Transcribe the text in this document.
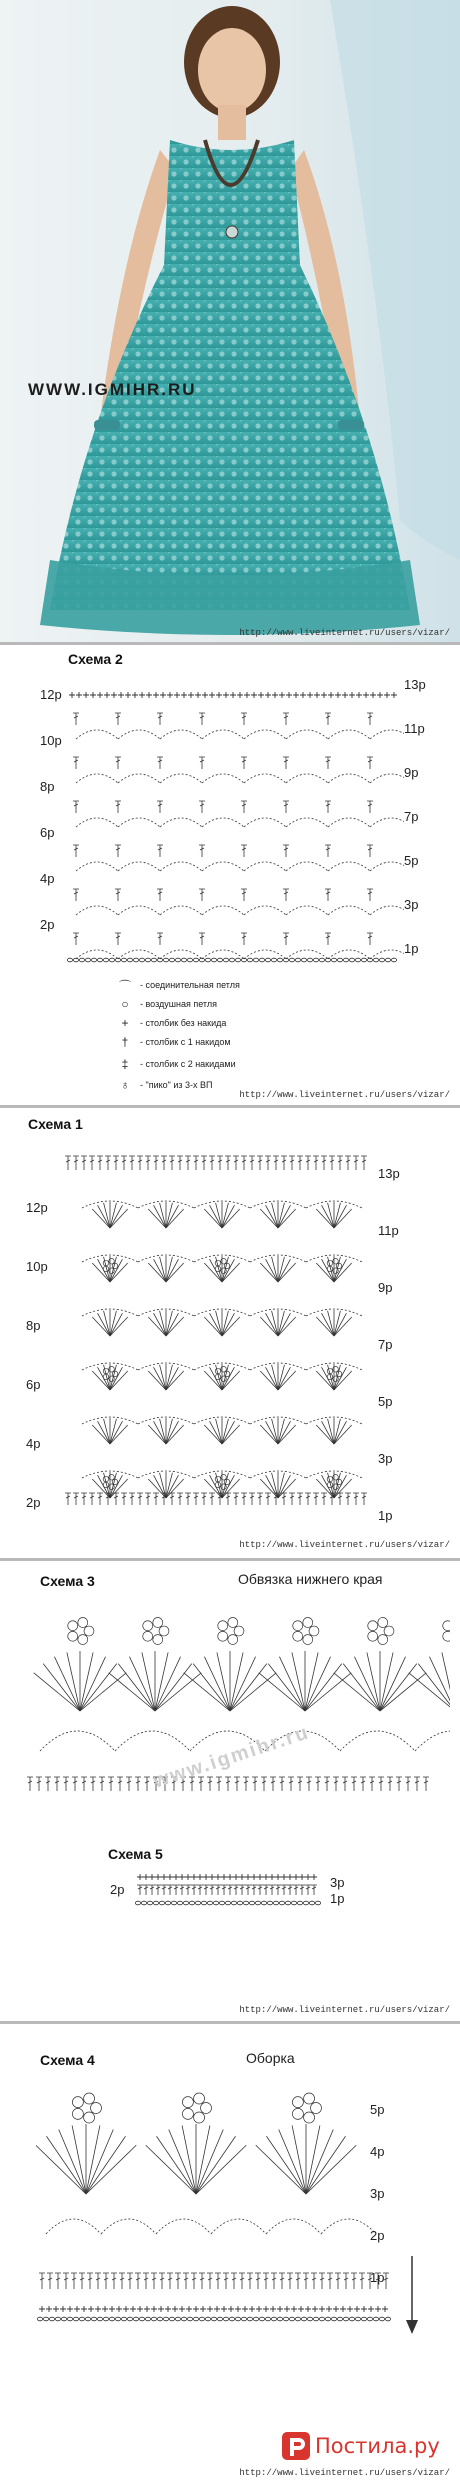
WWW.IGMIHR.RU
http://www.liveinternet.ru/users/vizar/
Схема 2
⌒	- соединительная петля
○	- воздушная петля
+	- столбик без накида
†	- столбик с 1 накидом
‡	- столбик с 2 накидами
♁	- "пико" из 3-х ВП
http://www.liveinternet.ru/users/vizar/
12р
10р
8р
6р
4р
2р
13р
11р
9р
7р
5р
3р
1р
Схема 1
http://www.liveinternet.ru/users/vizar/
12р
10р
8р
6р
4р
2р
13р
11р
9р
7р
5р
3р
1р
Схема 3	Обвязка нижнего края
www.igmihr.ru
Схема 5
2р	3р
1р
http://www.liveinternet.ru/users/vizar/
Схема 4	Оборка
Постила.ру
http://www.liveinternet.ru/users/vizar/
5р
4р
3р
2р
1р
